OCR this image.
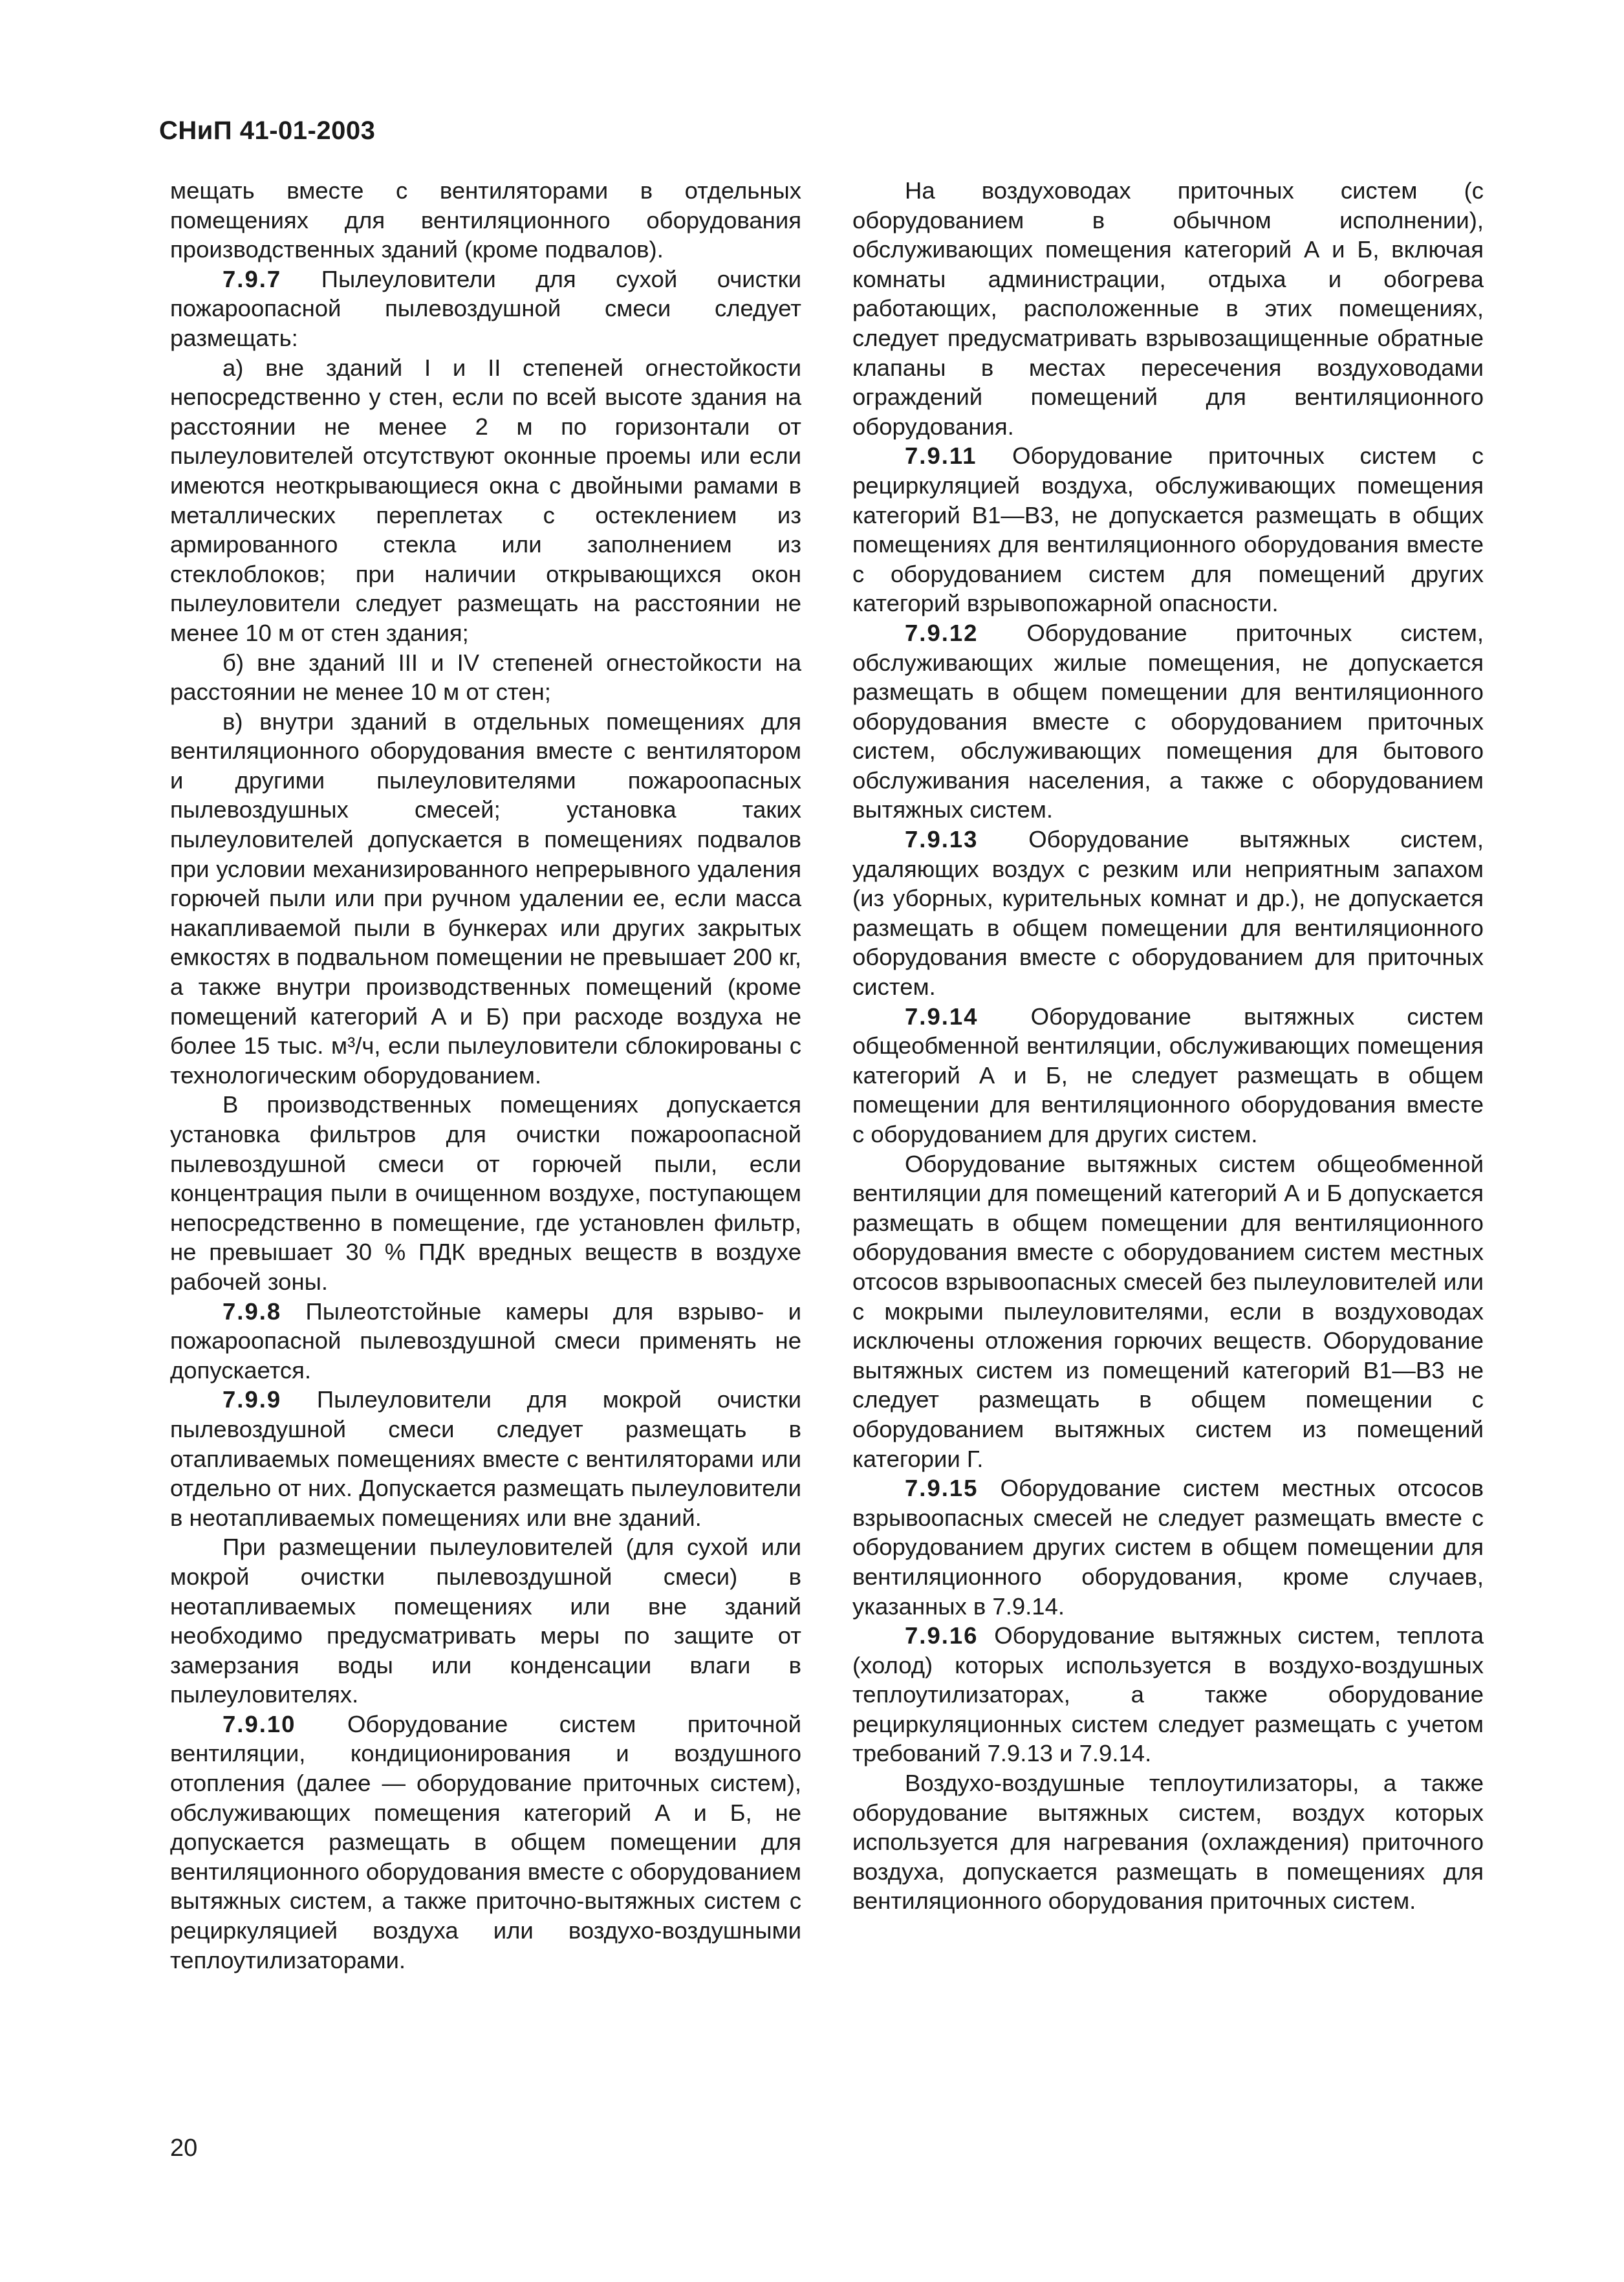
СНиП 41-01-2003

мещать вместе с вентиляторами в отдельных помещениях для вентиляционного оборудования производственных зданий (кроме подвалов).

7.9.7 Пылеуловители для сухой очистки пожароопасной пылевоздушной смеси следует размещать:

а) вне зданий I и II степеней огнестойкости непосредственно у стен, если по всей высоте здания на расстоянии не менее 2 м по горизонтали от пылеуловителей отсутствуют оконные проемы или если имеются неоткрывающиеся окна с двойными рамами в металлических переплетах с остеклением из армированного стекла или заполнением из стеклоблоков; при наличии открывающихся окон пылеуловители следует размещать на расстоянии не менее 10 м от стен здания;

б) вне зданий III и IV степеней огнестойкости на расстоянии не менее 10 м от стен;

в) внутри зданий в отдельных помещениях для вентиляционного оборудования вместе с вентилятором и другими пылеуловителями пожароопасных пылевоздушных смесей; установка таких пылеуловителей допускается в помещениях подвалов при условии механизированного непрерывного удаления горючей пыли или при ручном удалении ее, если масса накапливаемой пыли в бункерах или других закрытых емкостях в подвальном помещении не превышает 200 кг, а также внутри производственных помещений (кроме помещений категорий А и Б) при расходе воздуха не более 15 тыс. м³/ч, если пылеуловители сблокированы с технологическим оборудованием.

В производственных помещениях допускается установка фильтров для очистки пожароопасной пылевоздушной смеси от горючей пыли, если концентрация пыли в очищенном воздухе, поступающем непосредственно в помещение, где установлен фильтр, не превышает 30 % ПДК вредных веществ в воздухе рабочей зоны.

7.9.8 Пылеотстойные камеры для взрыво- и пожароопасной пылевоздушной смеси применять не допускается.

7.9.9 Пылеуловители для мокрой очистки пылевоздушной смеси следует размещать в отапливаемых помещениях вместе с вентиляторами или отдельно от них. Допускается размещать пылеуловители в неотапливаемых помещениях или вне зданий.

При размещении пылеуловителей (для сухой или мокрой очистки пылевоздушной смеси) в неотапливаемых помещениях или вне зданий необходимо предусматривать меры по защите от замерзания воды или конденсации влаги в пылеуловителях.

7.9.10 Оборудование систем приточной вентиляции, кондиционирования и воздушного отопления (далее — оборудование приточных систем), обслуживающих помещения категорий А и Б, не допускается размещать в общем помещении для вентиляционного оборудования вместе с оборудованием вытяжных систем, а также приточно-вытяжных систем с рециркуляцией воздуха или воздухо-воздушными теплоутилизаторами.

На воздуховодах приточных систем (с оборудованием в обычном исполнении), обслуживающих помещения категорий А и Б, включая комнаты администрации, отдыха и обогрева работающих, расположенные в этих помещениях, следует предусматривать взрывозащищенные обратные клапаны в местах пересечения воздуховодами ограждений помещений для вентиляционного оборудования.

7.9.11 Оборудование приточных систем с рециркуляцией воздуха, обслуживающих помещения категорий В1—В3, не допускается размещать в общих помещениях для вентиляционного оборудования вместе с оборудованием систем для помещений других категорий взрывопожарной опасности.

7.9.12 Оборудование приточных систем, обслуживающих жилые помещения, не допускается размещать в общем помещении для вентиляционного оборудования вместе с оборудованием приточных систем, обслуживающих помещения для бытового обслуживания населения, а также с оборудованием вытяжных систем.

7.9.13 Оборудование вытяжных систем, удаляющих воздух с резким или неприятным запахом (из уборных, курительных комнат и др.), не допускается размещать в общем помещении для вентиляционного оборудования вместе с оборудованием для приточных систем.

7.9.14 Оборудование вытяжных систем общеобменной вентиляции, обслуживающих помещения категорий А и Б, не следует размещать в общем помещении для вентиляционного оборудования вместе с оборудованием для других систем.

Оборудование вытяжных систем общеобменной вентиляции для помещений категорий А и Б допускается размещать в общем помещении для вентиляционного оборудования вместе с оборудованием систем местных отсосов взрывоопасных смесей без пылеуловителей или с мокрыми пылеуловителями, если в воздуховодах исключены отложения горючих веществ. Оборудование вытяжных систем из помещений категорий В1—В3 не следует размещать в общем помещении с оборудованием вытяжных систем из помещений категории Г.

7.9.15 Оборудование систем местных отсосов взрывоопасных смесей не следует размещать вместе с оборудованием других систем в общем помещении для вентиляционного оборудования, кроме случаев, указанных в 7.9.14.

7.9.16 Оборудование вытяжных систем, теплота (холод) которых используется в воздухо-воздушных теплоутилизаторах, а также оборудование рециркуляционных систем следует размещать с учетом требований 7.9.13 и 7.9.14.

Воздухо-воздушные теплоутилизаторы, а также оборудование вытяжных систем, воздух которых используется для нагревания (охлаждения) приточного воздуха, допускается размещать в помещениях для вентиляционного оборудования приточных систем.

20
